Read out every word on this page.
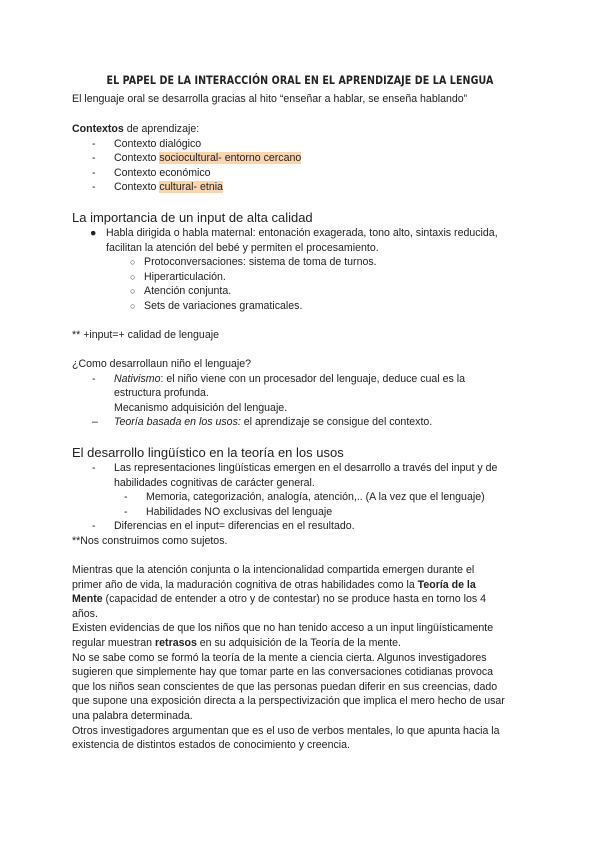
EL PAPEL DE LA INTERACCIÓN ORAL EN EL APRENDIZAJE DE LA LENGUA
El lenguaje oral se desarrolla gracias al hito “enseñar a hablar, se enseña hablando”
Contextos de aprendizaje:
- Contexto dialógico
- Contexto sociocultural- entorno cercano
- Contexto económico
- Contexto cultural- etnia
La importancia de un input de alta calidad
● Habla dirigida o habla maternal: entonación exagerada, tono alto, sintaxis reducida,
facilitan la atención del bebé y permiten el procesamiento.
○ Protoconversaciones: sistema de toma de turnos.
○ Hiperarticulación.
○ Atención conjunta.
○ Sets de variaciones gramaticales.
** +input=+ calidad de lenguaje
¿Como desarrollaun niño el lenguaje?
- Nativismo: el niño viene con un procesador del lenguaje, deduce cual es la
estructura profunda.
Mecanismo adquisición del lenguaje.
– Teoría basada en los usos: el aprendizaje se consigue del contexto.
El desarrollo lingüístico en la teoría en los usos
- Las representaciones lingüísticas emergen en el desarrollo a través del input y de
habilidades cognitivas de carácter general.
- Memoria, categorización, analogía, atención,.. (A la vez que el lenguaje)
- Habilidades NO exclusivas del lenguaje
- Diferencias en el input= diferencias en el resultado.
**Nos construimos como sujetos.
Mientras que la atención conjunta o la intencionalidad compartida emergen durante el
primer año de vida, la maduración cognitiva de otras habilidades como la Teoría de la
Mente (capacidad de entender a otro y de contestar) no se produce hasta en torno los 4
años.
Existen evidencias de que los niños que no han tenido acceso a un input lingüísticamente
regular muestran retrasos en su adquisición de la Teoría de la mente.
No se sabe como se formó la teoría de la mente a ciencia cierta. Algunos investigadores
sugieren que simplemente hay que tomar parte en las conversaciones cotidianas provoca
que los niños sean conscientes de que las personas puedan diferir en sus creencias, dado
que supone una exposición directa a la perspectivización que implica el mero hecho de usar
una palabra determinada.
Otros investigadores argumentan que es el uso de verbos mentales, lo que apunta hacia la
existencia de distintos estados de conocimiento y creencia.
